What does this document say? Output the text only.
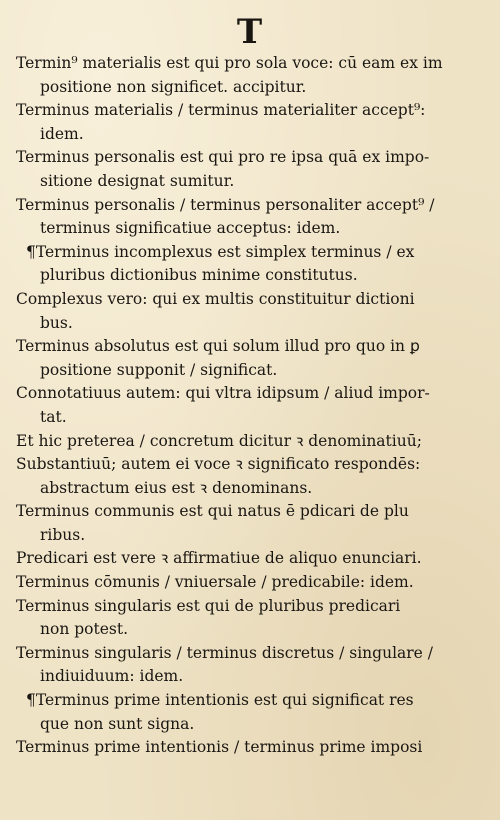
T
Termin⁹ materialis est qui pro sola voce: cū eam ex im
positione non significet. accipitur.
Terminus materialis / terminus materialiter accept⁹:
idem.
Terminus personalis est qui pro re ipsa quā ex impo-
sitione designat sumitur.
Terminus personalis / terminus personaliter accept⁹ /
terminus significatiue acceptus: idem.
¶Terminus incomplexus est simplex terminus / ex
pluribus dictionibus minime constitutus.
Complexus vero: qui ex multis constituitur dictioni
bus.
Terminus absolutus est qui solum illud pro quo in ꝑ
positione supponit / significat.
Connotatiuus autem: qui vltra idipsum / aliud impor-
tat.
Et hic preterea / concretum dicitur ꝛ denominatiuū;
Substantiuū; autem ei voce ꝛ significato respondēs:
abstractum eius est ꝛ denominans.
Terminus communis est qui natus ē pdicari de plu
ribus.
Predicari est vere ꝛ affirmatiue de aliquo enunciari.
Terminus cōmunis / vniuersale / predicabile: idem.
Terminus singularis est qui de pluribus predicari
non potest.
Terminus singularis / terminus discretus / singulare /
indiuiduum: idem.
¶Terminus prime intentionis est qui significat res
que non sunt signa.
Terminus prime intentionis / terminus prime imposi
